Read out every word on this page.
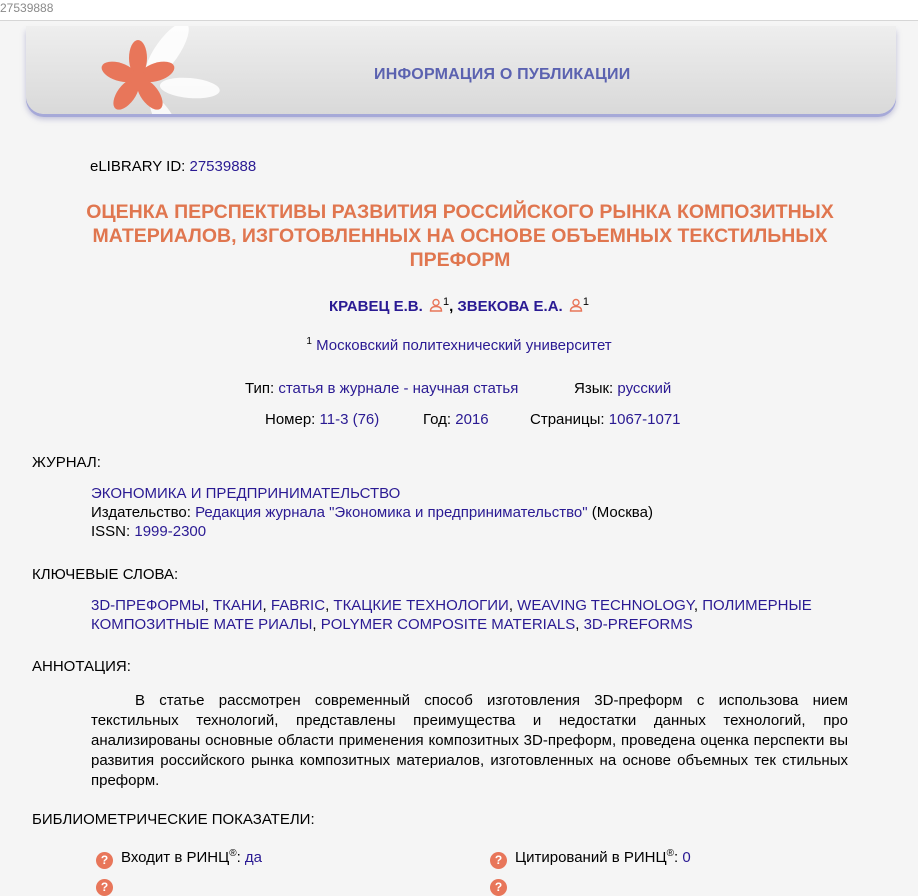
27539888
ИНФОРМАЦИЯ О ПУБЛИКАЦИИ
eLIBRARY ID: 27539888
ОЦЕНКА ПЕРСПЕКТИВЫ РАЗВИТИЯ РОССИЙСКОГО РЫНКА КОМПОЗИТНЫХ МАТЕРИАЛОВ, ИЗГОТОВЛЕННЫХ НА ОСНОВЕ ОБЪЕМНЫХ ТЕКСТИЛЬНЫХ ПРЕФОРМ
КРАВЕЦ Е.В. $^1$, ЗВЕКОВА Е.А. $^1$
$^1$ Московский политехнический университет
Тип: статья в журнале - научная статья	Язык: русский
Номер: 11-3 (76)	Год: 2016	Страницы: 1067-1071
ЖУРНАЛ:
ЭКОНОМИКА И ПРЕДПРИНИМАТЕЛЬСТВО
Издательство: Редакция журнала "Экономика и предпринимательство" (Москва)
ISSN: 1999-2300
КЛЮЧЕВЫЕ СЛОВА:
3D-ПРЕФОРМЫ, ТКАНИ, FABRIC, ТКАЦКИЕ ТЕХНОЛОГИИ, WEAVING TECHNOLOGY, ПОЛИМЕРНЫЕ КОМПОЗИТНЫЕ МАТЕ РИАЛЫ, POLYMER COMPOSITE MATERIALS, 3D-PREFORMS
АННОТАЦИЯ:
В статье рассмотрен современный способ изготовления 3D-преформ с использова нием текстильных технологий, представлены преимущества и недостатки данных технологий, про анализированы основные области применения композитных 3D-преформ, проведена оценка перспекти вы развития российского рынка композитных материалов, изготовленных на основе объемных тек стильных преформ.
БИБЛИОМЕТРИЧЕСКИЕ ПОКАЗАТЕЛИ:
? Входит в РИНЦ®: да	? Цитирований в РИНЦ®: 0
?	?
